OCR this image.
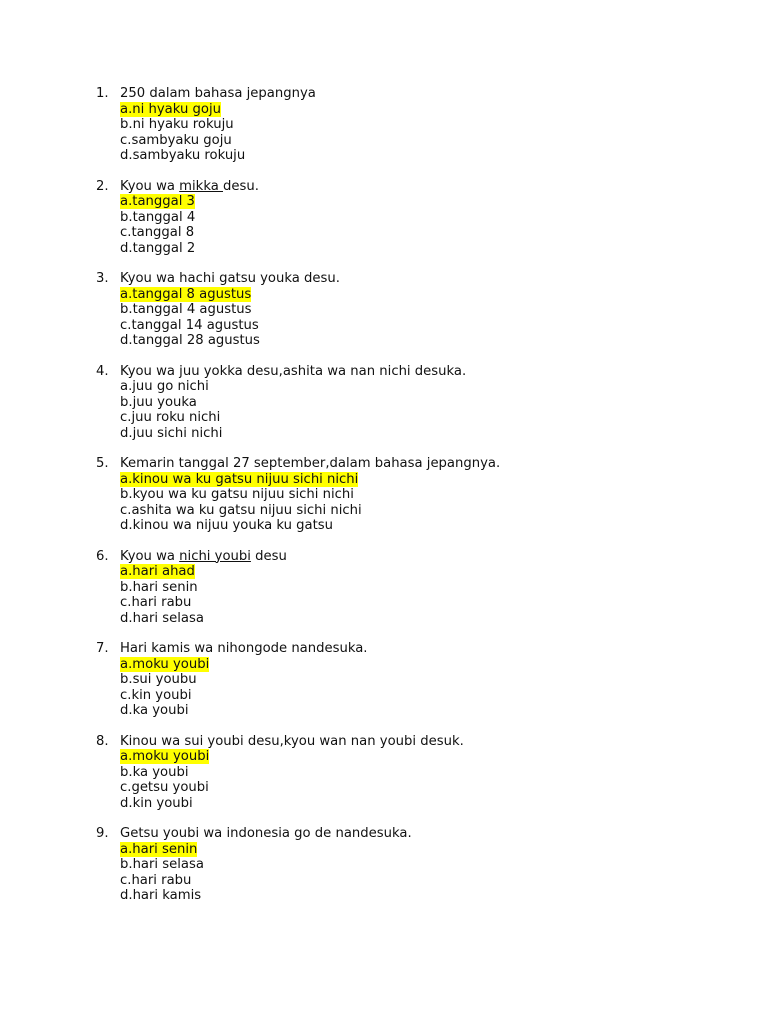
1. 250 dalam bahasa jepangnya
a.ni hyaku goju
b.ni hyaku rokuju
c.sambyaku goju
d.sambyaku rokuju
2. Kyou wa mikka desu.
a.tanggal 3
b.tanggal 4
c.tanggal 8
d.tanggal 2
3. Kyou wa hachi gatsu youka desu.
a.tanggal 8 agustus
b.tanggal 4 agustus
c.tanggal 14 agustus
d.tanggal 28 agustus
4. Kyou wa juu yokka desu,ashita wa nan nichi desuka.
a.juu go nichi
b.juu youka
c.juu roku nichi
d.juu sichi nichi
5. Kemarin tanggal 27 september,dalam bahasa jepangnya.
a.kinou wa ku gatsu nijuu sichi nichi
b.kyou wa ku gatsu nijuu sichi nichi
c.ashita wa ku gatsu nijuu sichi nichi
d.kinou wa nijuu youka ku gatsu
6. Kyou wa nichi youbi desu
a.hari ahad
b.hari senin
c.hari rabu
d.hari selasa
7. Hari kamis wa nihongode nandesuka.
a.moku youbi
b.sui youbu
c.kin youbi
d.ka youbi
8. Kinou wa sui youbi desu,kyou wan nan youbi desuk.
a.moku youbi
b.ka youbi
c.getsu youbi
d.kin youbi
9. Getsu youbi wa indonesia go de nandesuka.
a.hari senin
b.hari selasa
c.hari rabu
d.hari kamis
